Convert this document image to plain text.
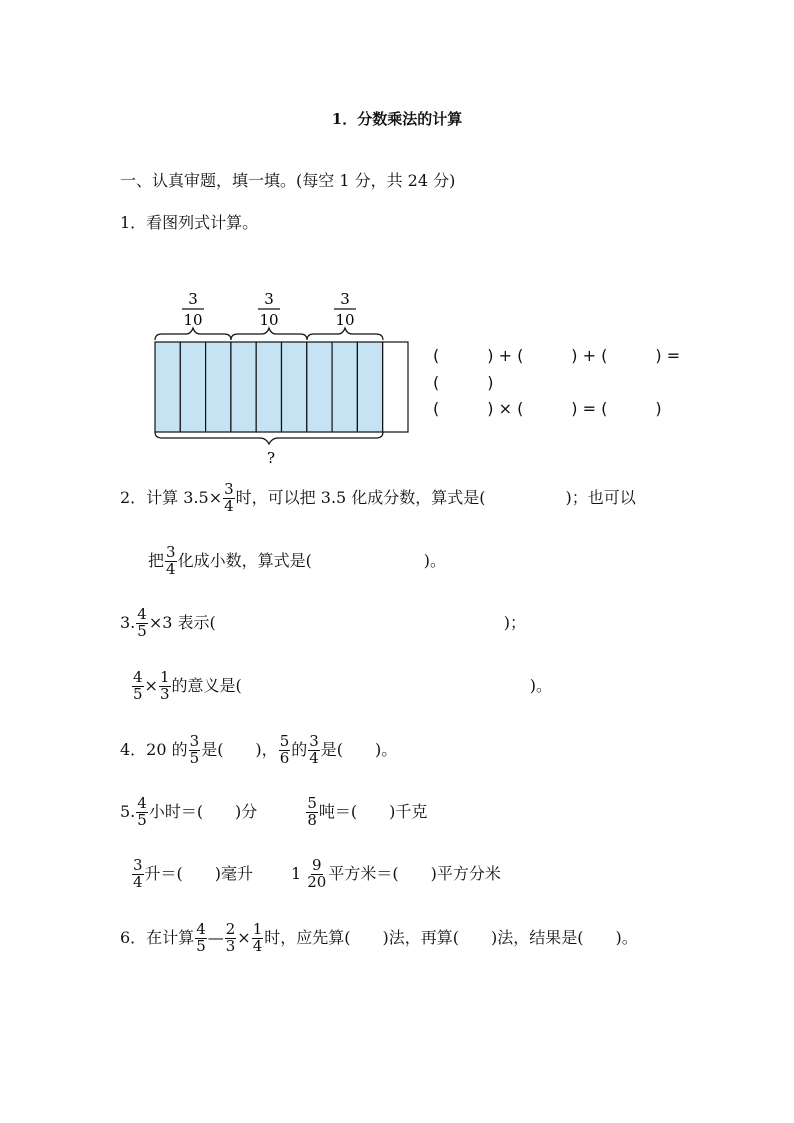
1．分数乘法的计算
一、认真审题，填一填。(每空 1 分，共 24 分)
1．看图列式计算。
3
10
3
10
3
10
?
(　　　) + (　　　) + (　　　) =
(　　　)
(　　　) × (　　　) = (　　　)
2．计算 $3.5\times \frac{3}{4}$ 时，可以把 3.5 化成分数，算式是(　　　　　)；也可以
把 $\frac{3}{4}$ 化成小数，算式是(　　　　　　　)。
3. $\frac{4}{5} \times 3$ 表示(　　　　　　　　　　　　　　　　　　)；
$\frac{4}{5} \times \frac{1}{3}$ 的意义是(　　　　　　　　　　　　　　　　　　)。
4．20 的 $\frac{3}{5}$ 是(　　)， $\frac{5}{6}$ 的 $\frac{3}{4}$ 是(　　)。
5. $\frac{4}{5}$ 小时＝(　　)分	$\frac{5}{8}$ 吨＝(　　)千克
$\frac{3}{4}$ 升＝(　　)毫升 $1 \frac{9}{20}$ 平方米＝(　　)平方分米
6．在计算 $\frac{4}{5}$ — $\frac{2}{3} \times \frac{1}{4}$ 时，应先算(　　)法，再算(　　)法，结果是(　　)。
